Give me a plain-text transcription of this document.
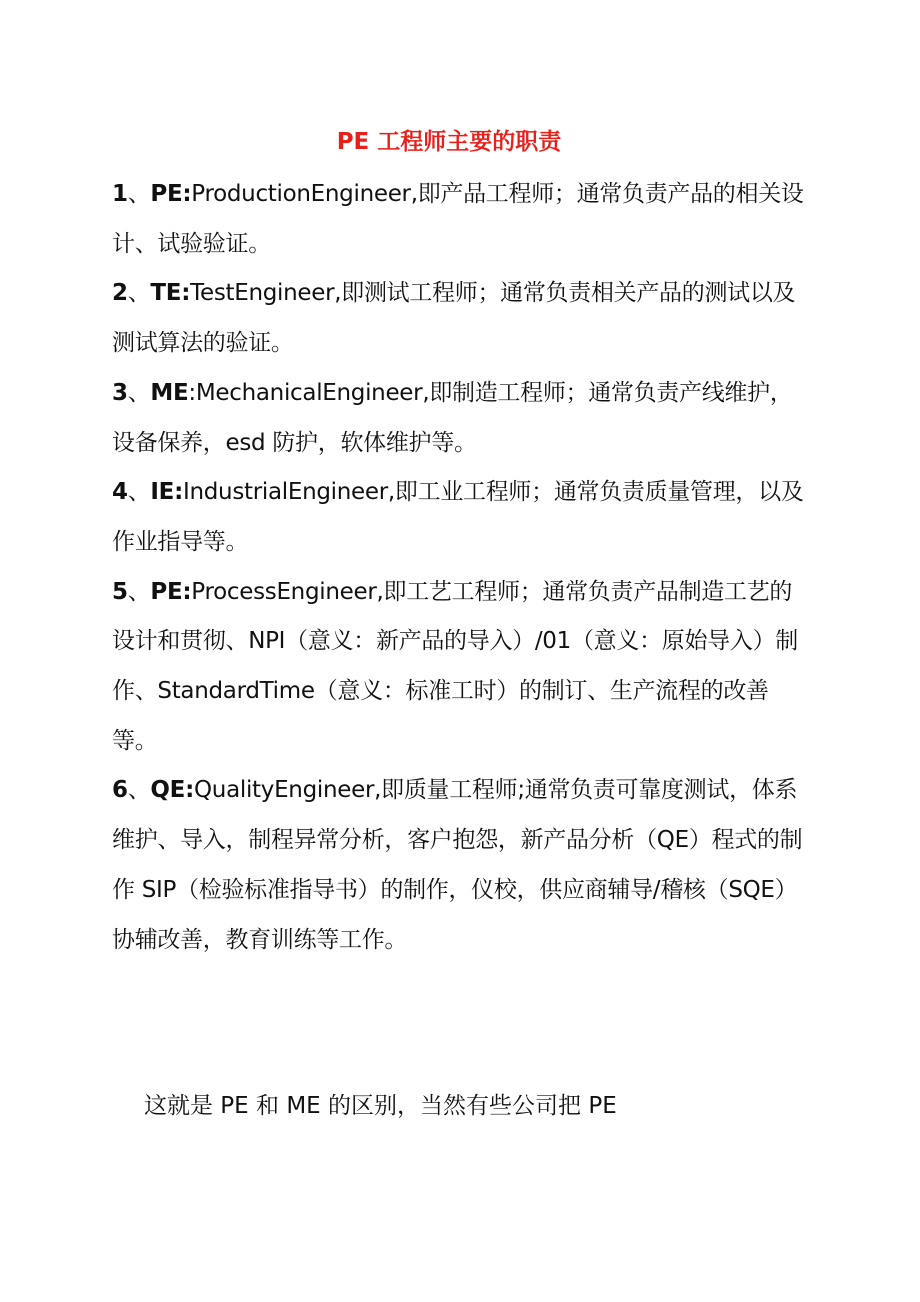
PE 工程师主要的职责

1、PE:ProductionEngineer,即产品工程师；通常负责产品的相关设计、试验验证。

2、TE:TestEngineer,即测试工程师；通常负责相关产品的测试以及测试算法的验证。

3、ME:MechanicalEngineer,即制造工程师；通常负责产线维护，设备保养，esd 防护，软体维护等。

4、IE:IndustrialEngineer,即工业工程师；通常负责质量管理，以及作业指导等。

5、PE:ProcessEngineer,即工艺工程师；通常负责产品制造工艺的设计和贯彻、NPI（意义：新产品的导入）/01（意义：原始导入）制作、StandardTime（意义：标准工时）的制订、生产流程的改善等。

6、QE:QualityEngineer,即质量工程师;通常负责可靠度测试，体系维护、导入，制程异常分析，客户抱怨，新产品分析（QE）程式的制作 SIP（检验标准指导书）的制作，仪校，供应商辅导/稽核（SQE）协辅改善，教育训练等工作。

这就是 PE 和 ME 的区别，当然有些公司把 PE
